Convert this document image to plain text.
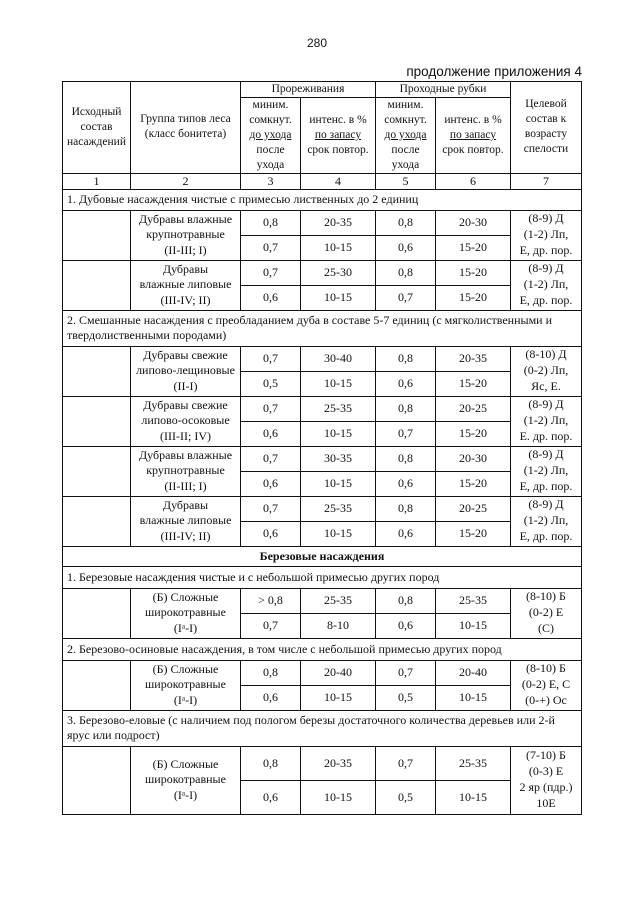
280
продолжение приложения 4
Исходный состав насаждений	Группа типов леса (класс бонитета)	Прореживания		Проходные рубки		Целевой состав к возрасту спелости

		миним.
сомкнут.
до ухода
после
ухода	интенс. в %
по запасу
срок повтор.	миним.
сомкнут.
до ухода
после
ухода	интенс. в %
по запасу
срок повтор.	

1	2	3	4	5	6	7
1. Дубовые насаждения чистые с примесью лиственных до 2 единиц						

	Дубравы влажные
крупнотравные
(II-III; I)	0,8	20-35	0,8	20-30	(8-9) Д
(1-2) Лп,
Е, др. пор.

		0,7	10-15	0,6	15-20	

	Дубравы
влажные липовые
(III-IV; II)	0,7	25-30	0,8	15-20	(8-9) Д
(1-2) Лп,
Е, др. пор.

		0,6	10-15	0,7	15-20	
2. Смешанные насаждения с преобладанием дуба в составе 5-7 единиц (с мягколиственными и твердолиственными породами)						

	Дубравы свежие
липово-лещиновые
(II-I)	0,7	30-40	0,8	20-35	(8-10) Д
(0-2) Лп,
Яс, Е.

		0,5	10-15	0,6	15-20	

	Дубравы свежие
липово-осоковые
(III-II; IV)	0,7	25-35	0,8	20-25	(8-9) Д
(1-2) Лп,
Е. др. пор.

		0,6	10-15	0,7	15-20	

	Дубравы влажные
крупнотравные
(II-III; I)	0,7	30-35	0,8	20-30	(8-9) Д
(1-2) Лп,
Е, др. пор.

		0,6	10-15	0,6	15-20	

	Дубравы
влажные липовые
(III-IV; II)	0,7	25-35	0,8	20-25	(8-9) Д
(1-2) Лп,
Е, др. пор.

		0,6	10-15	0,6	15-20	
Березовые насаждения						
1. Березовые насаждения чистые и с небольшой примесью других пород						

	(Б) Сложные
широкотравные
(Iᵃ-I)	> 0,8	25-35	0,8	25-35	(8-10) Б
(0-2) Е
(С)

		0,7	8-10	0,6	10-15	
2. Березово-осиновые насаждения, в том числе с небольшой примесью других пород						

	(Б) Сложные
широкотравные
(Iᵃ-I)	0,8	20-40	0,7	20-40	(8-10) Б
(0-2) Е, С
(0-+) Ос

		0,6	10-15	0,5	10-15	
3. Березово-еловые (с наличием под пологом березы достаточного количества деревьев или 2-й ярус или подрост)						

	(Б) Сложные
широкотравные
(Iᵃ-I)	0,8	20-35	0,7	25-35	(7-10) Б
(0-3) Е
2 яр (пдр.)
10Е

		0,6	10-15	0,5	10-15	
